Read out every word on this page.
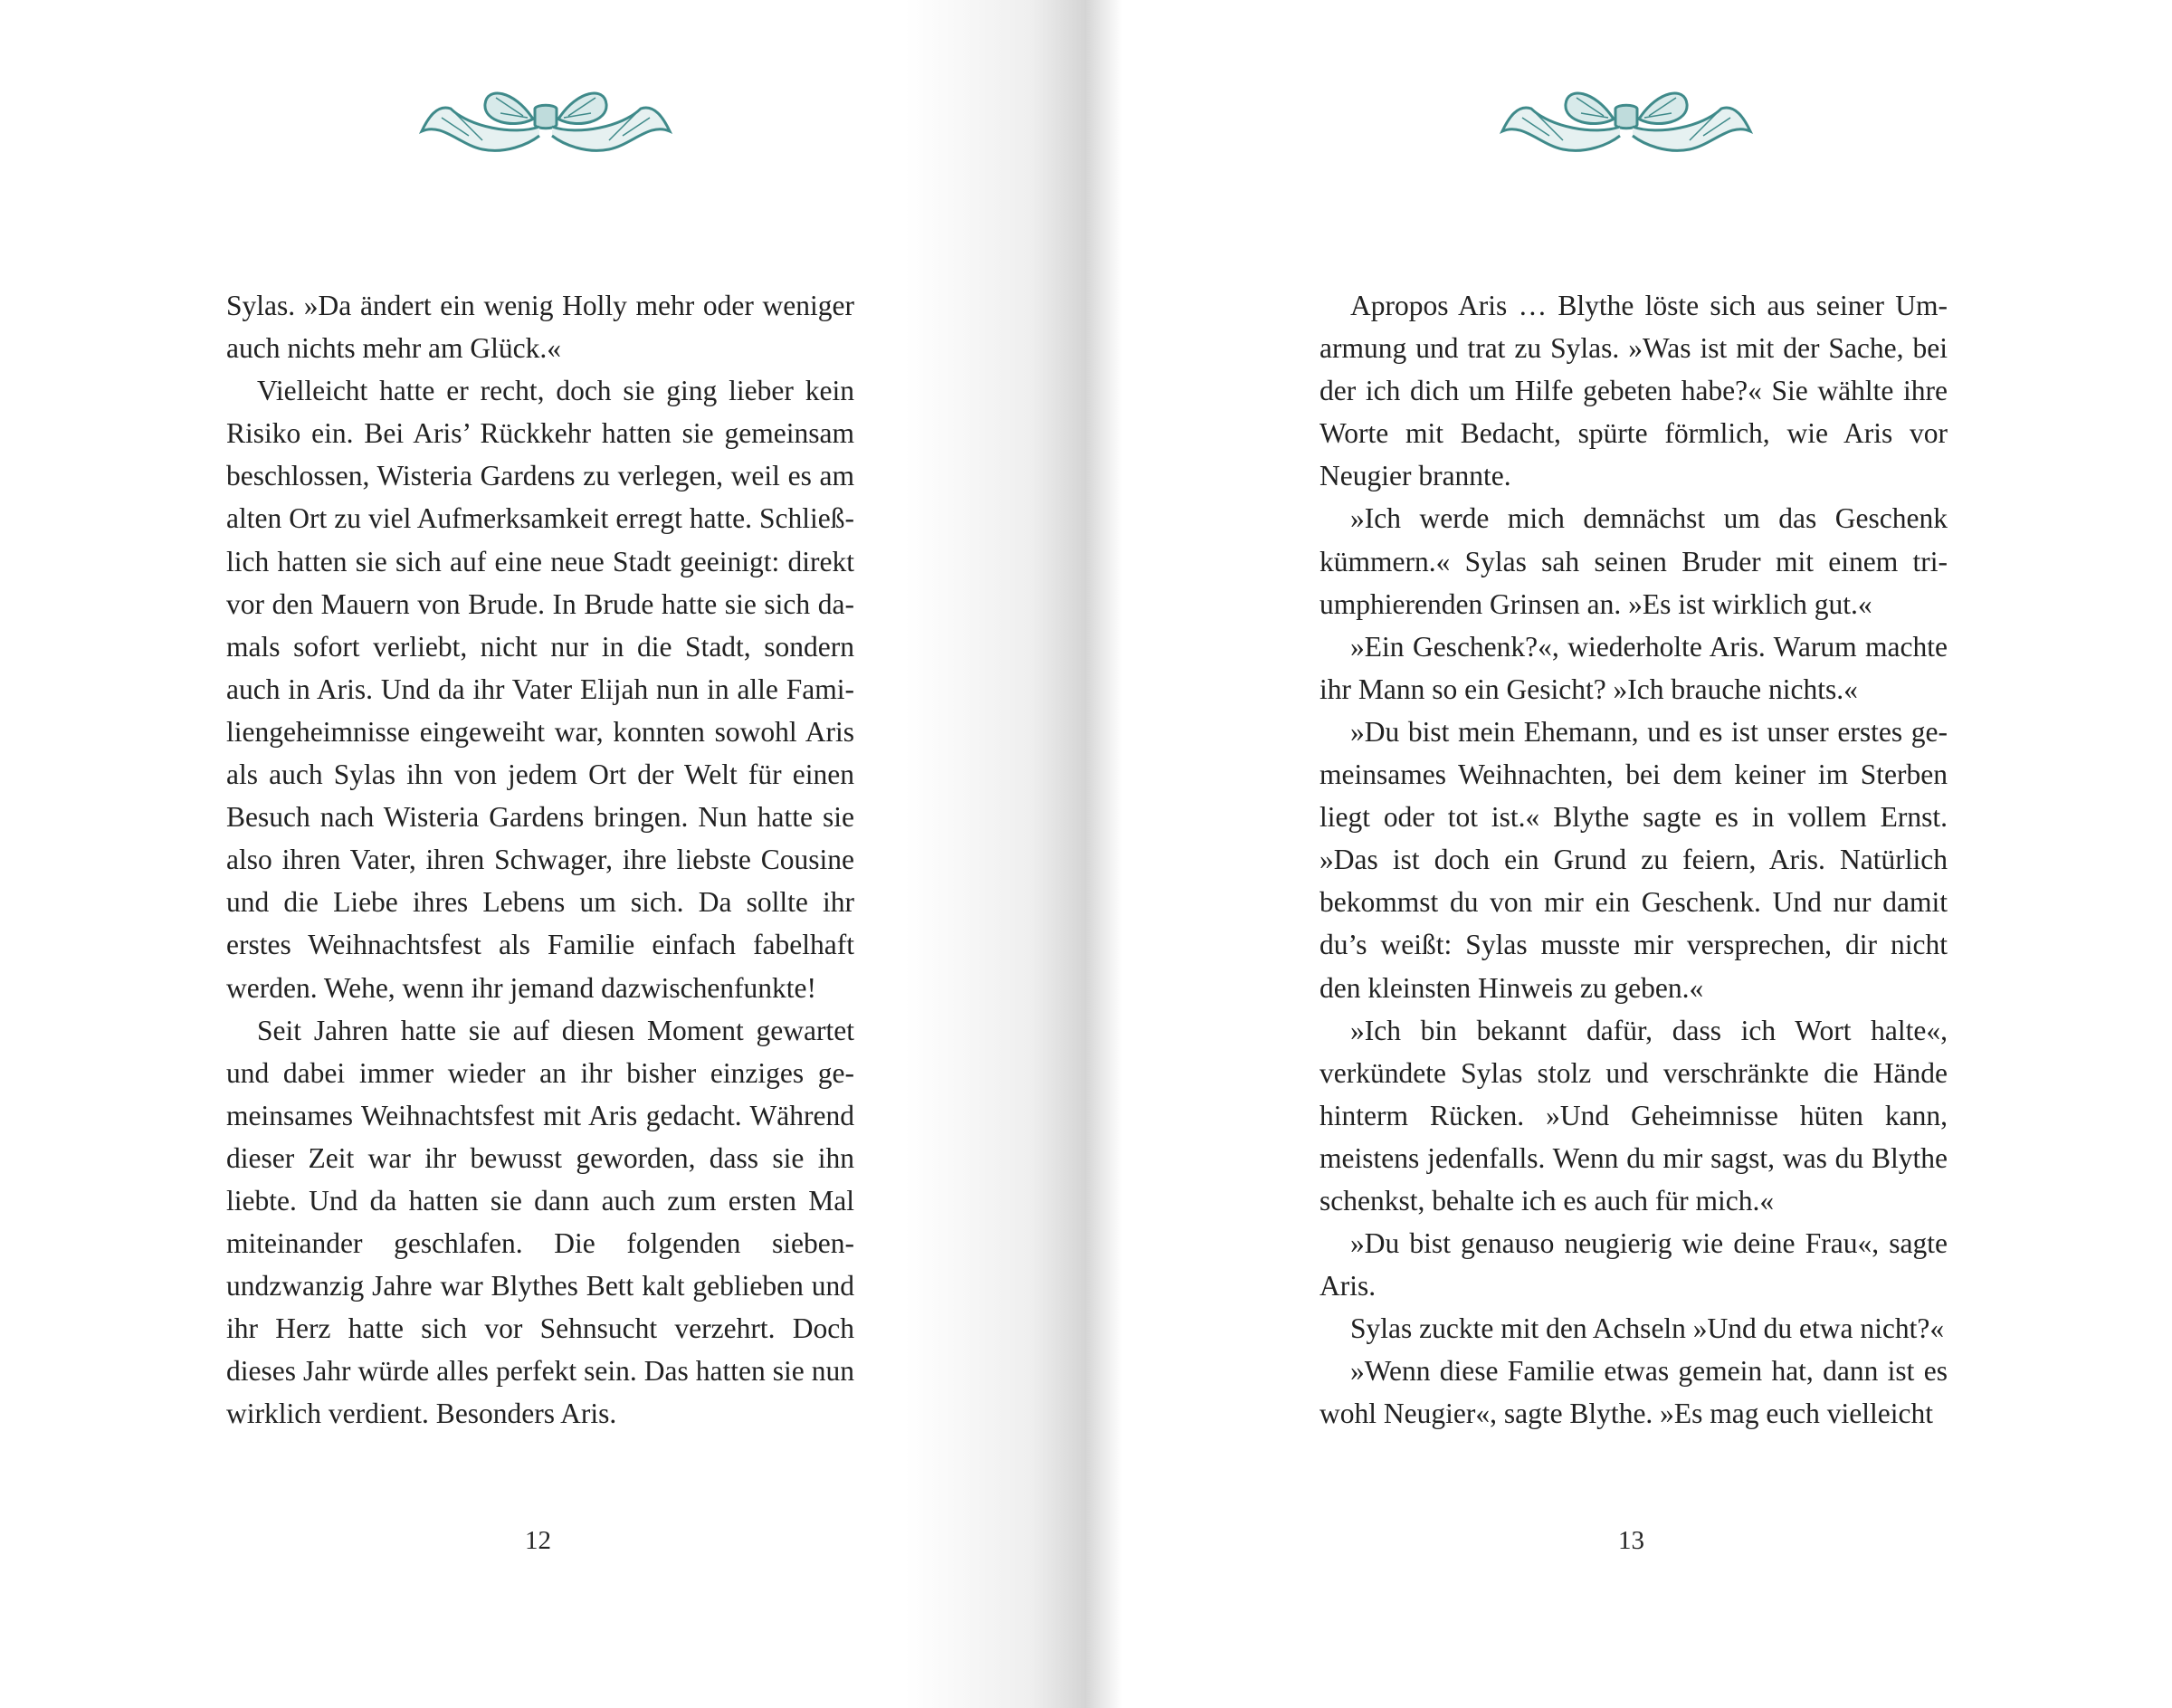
Sylas. »Da ändert ein wenig Holly mehr oder weniger auch nichts mehr am Glück.«

Vielleicht hatte er recht, doch sie ging lieber kein Risiko ein. Bei Aris’ Rückkehr hatten sie gemeinsam beschlossen, Wisteria Gardens zu verlegen, weil es am alten Ort zu viel Aufmerksamkeit erregt hatte. Schließlich hatten sie sich auf eine neue Stadt geeinigt: direkt vor den Mauern von Brude. In Brude hatte sie sich damals sofort verliebt, nicht nur in die Stadt, sondern auch in Aris. Und da ihr Vater Elijah nun in alle Familiengeheimnisse eingeweiht war, konnten sowohl Aris als auch Sylas ihn von jedem Ort der Welt für einen Besuch nach Wisteria Gardens bringen. Nun hatte sie also ihren Vater, ihren Schwager, ihre liebste Cousine und die Liebe ihres Lebens um sich. Da sollte ihr erstes Weihnachtsfest als Familie einfach fabelhaft werden. Wehe, wenn ihr jemand dazwischenfunkte!

Seit Jahren hatte sie auf diesen Moment gewartet und dabei immer wieder an ihr bisher einziges gemeinsames Weihnachtsfest mit Aris gedacht. Während dieser Zeit war ihr bewusst geworden, dass sie ihn liebte. Und da hatten sie dann auch zum ersten Mal miteinander geschlafen. Die folgenden siebenundzwanzig Jahre war Blythes Bett kalt geblieben und ihr Herz hatte sich vor Sehnsucht verzehrt. Doch dieses Jahr würde alles perfekt sein. Das hatten sie nun wirklich verdient. Besonders Aris.

12

Apropos Aris … Blythe löste sich aus seiner Umarmung und trat zu Sylas. »Was ist mit der Sache, bei der ich dich um Hilfe gebeten habe?« Sie wählte ihre Worte mit Bedacht, spürte förmlich, wie Aris vor Neugier brannte.

»Ich werde mich demnächst um das Geschenk kümmern.« Sylas sah seinen Bruder mit einem triumphierenden Grinsen an. »Es ist wirklich gut.«

»Ein Geschenk?«, wiederholte Aris. Warum machte ihr Mann so ein Gesicht? »Ich brauche nichts.«

»Du bist mein Ehemann, und es ist unser erstes gemeinsames Weihnachten, bei dem keiner im Sterben liegt oder tot ist.« Blythe sagte es in vollem Ernst. »Das ist doch ein Grund zu feiern, Aris. Natürlich bekommst du von mir ein Geschenk. Und nur damit du’s weißt: Sylas musste mir versprechen, dir nicht den kleinsten Hinweis zu geben.«

»Ich bin bekannt dafür, dass ich Wort halte«, verkündete Sylas stolz und verschränkte die Hände hinterm Rücken. »Und Geheimnisse hüten kann, meistens jedenfalls. Wenn du mir sagst, was du Blythe schenkst, behalte ich es auch für mich.«

»Du bist genauso neugierig wie deine Frau«, sagte Aris.

Sylas zuckte mit den Achseln »Und du etwa nicht?«

»Wenn diese Familie etwas gemein hat, dann ist es wohl Neugier«, sagte Blythe. »Es mag euch vielleicht

13
